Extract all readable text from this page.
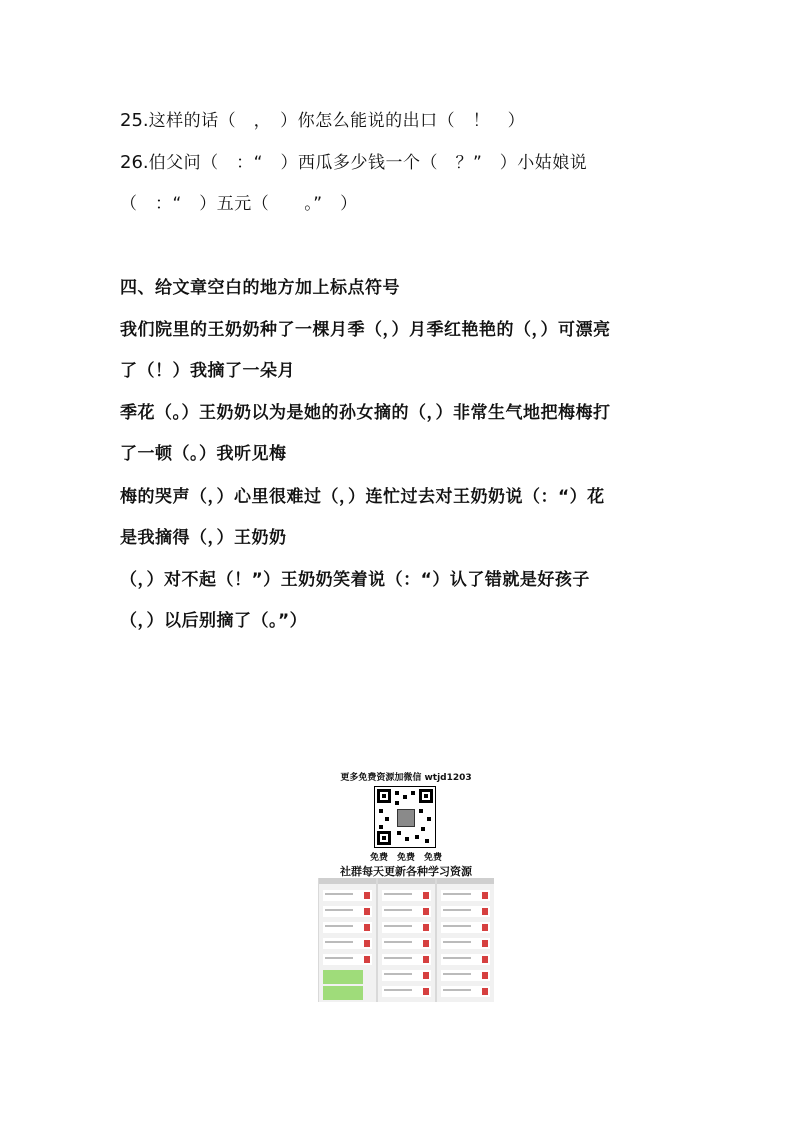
25.这样的话（　，　）你怎么能说的出口（　！　）
26.伯父问（　：“　）西瓜多少钱一个（　？”　）小姑娘说
（　：“　）五元（　　。”　）
四、给文章空白的地方加上标点符号
我们院里的王奶奶种了一棵月季（，）月季红艳艳的（，）可漂亮
了（！）我摘了一朵月
季花（。）王奶奶以为是她的孙女摘的（，）非常生气地把梅梅打
了一顿（。）我听见梅
梅的哭声（，）心里很难过（，）连忙过去对王奶奶说（：“）花
是我摘得（，）王奶奶
（，）对不起（！”）王奶奶笑着说（：“）认了错就是好孩子
（，）以后别摘了（。”）
更多免费资源加微信 wtjd1203
免费　免费　免费
社群每天更新各种学习资源
